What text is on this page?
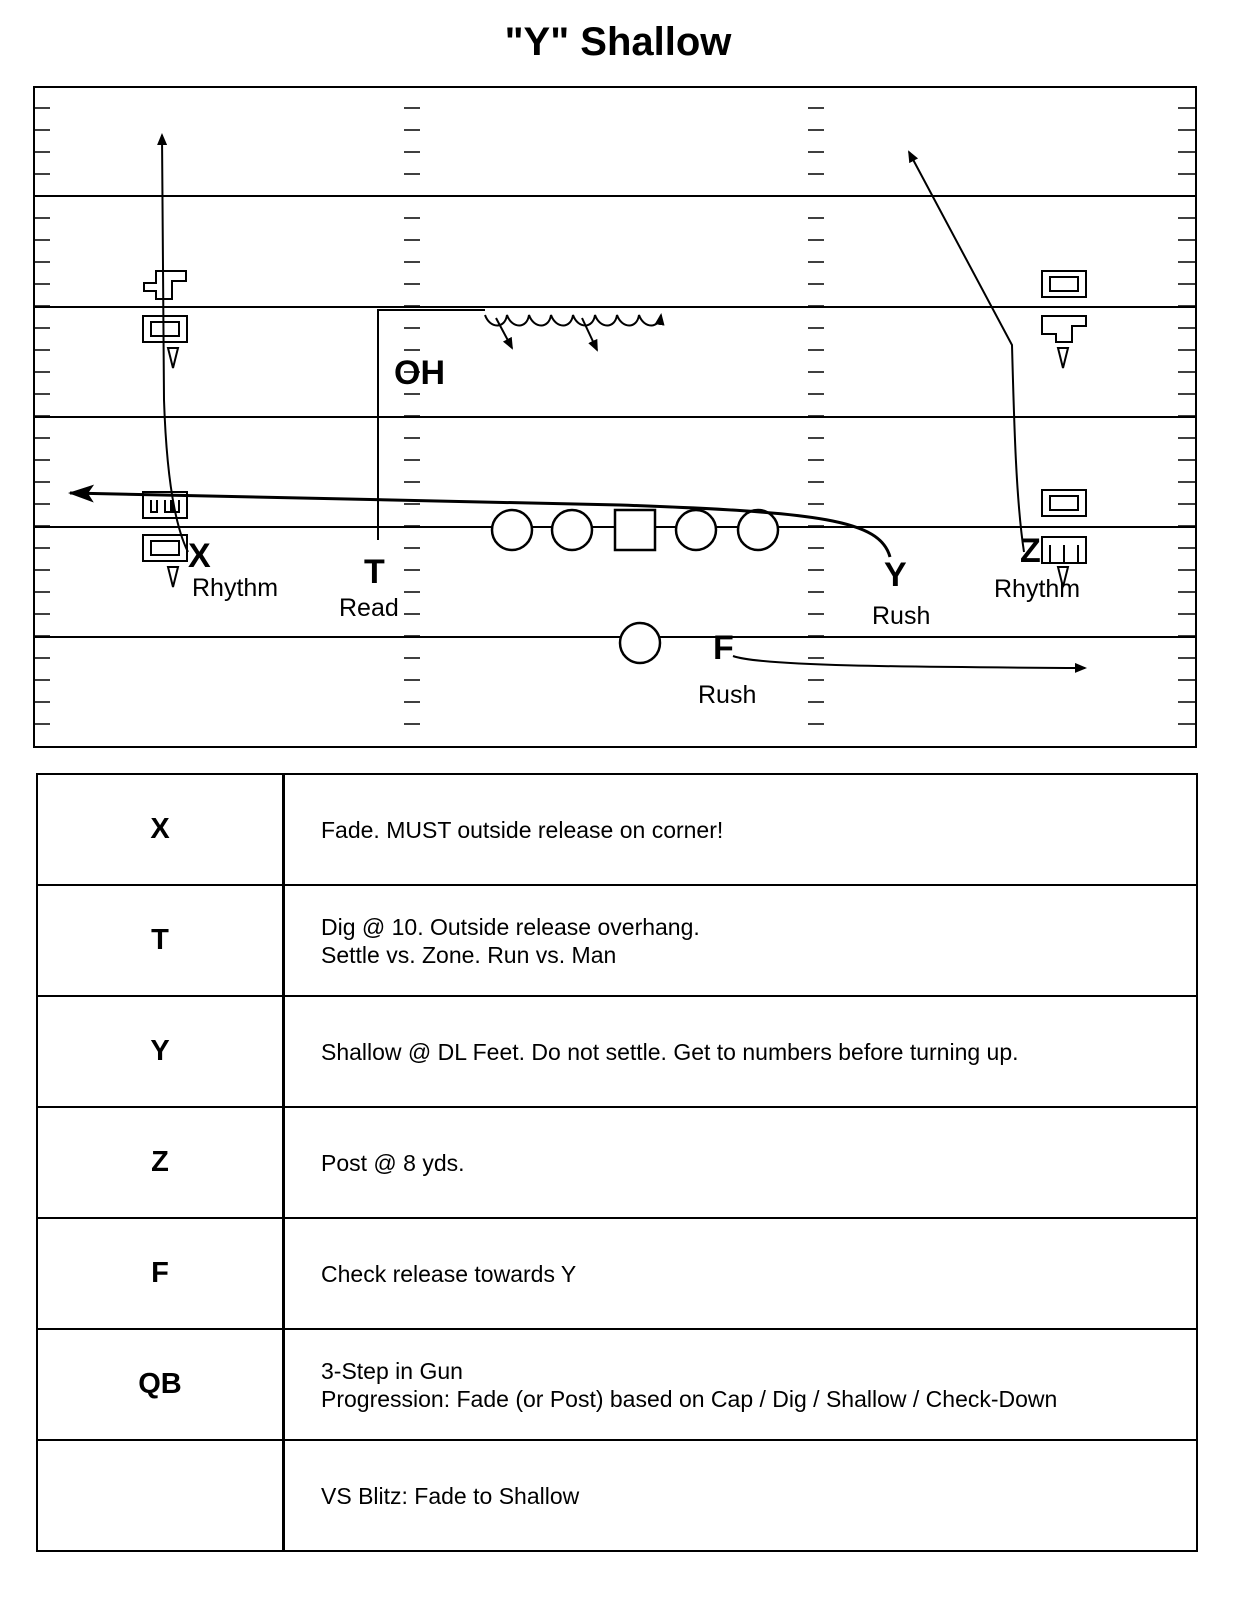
"Y" Shallow
X
Rhythm	T
Read
OH
Y
Rush
Z
Rhythm
F
Rush
X	Fade. MUST outside release on corner!

T	Dig @ 10. Outside release overhang.
Settle vs. Zone. Run vs. Man

Y	Shallow @ DL Feet. Do not settle. Get to numbers before turning up.

Z	Post @ 8 yds.

F	Check release towards Y

QB	3-Step in Gun
Progression: Fade (or Post) based on Cap / Dig / Shallow / Check-Down

	VS Blitz: Fade to Shallow
